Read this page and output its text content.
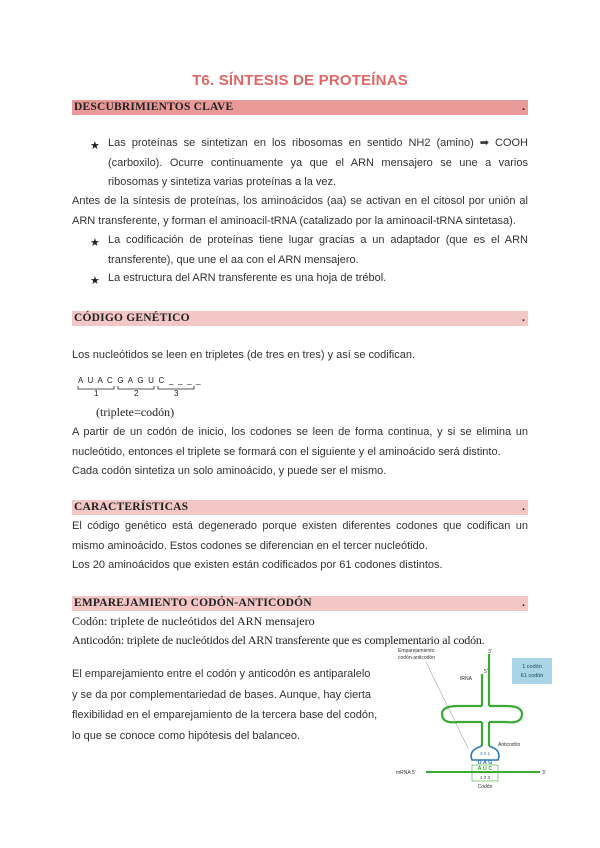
T6. SÍNTESIS DE PROTEÍNAS
DESCUBRIMIENTOS CLAVE	.
★ Las proteínas se sintetizan en los ribosomas en sentido NH2 (amino) ➡ COOH
(carboxilo). Ocurre continuamente ya que el ARN mensajero se une a varios
ribosomas y sintetiza varias proteínas a la vez.
Antes de la síntesis de proteínas, los aminoácidos (aa) se activan en el citosol por unión al
ARN transferente, y forman el aminoacil-tRNA (catalizado por la aminoacil-tRNA sintetasa).
★ La codificación de proteínas tiene lugar gracias a un adaptador (que es el ARN
transferente), que une el aa con el ARN mensajero.
★ La estructura del ARN transferente es una hoja de trébol.
CÓDIGO GENÉTICO	.
Los nucleótidos se leen en tripletes (de tres en tres) y así se codifican.
A U A C G A G U C _ _ _ _
1	2	3
(triplete=codón)
A partir de un codón de inicio, los codones se leen de forma continua, y si se elimina un
nucleótido, entonces el triplete se formará con el siguiente y el aminoácido será distinto.
Cada codón sintetiza un solo aminoácido, y puede ser el mismo.
CARACTERÍSTICAS	.
El código genético está degenerado porque existen diferentes codones que codifican un
mismo aminoácido. Estos codones se diferencian en el tercer nucleótido.
Los 20 aminoácidos que existen están codificados por 61 codones distintos.
EMPAREJAMIENTO CODÓN-ANTICODÓN	.
Codón: triplete de nucleótidos del ARN mensajero
Anticodón: triplete de nucleótidos del ARN transferente que es complementario al codón.
El emparejamiento entre el codón y anticodón es antiparalelo
y se da por complementariedad de bases. Aunque, hay cierta
flexibilidad en el emparejamiento de la tercera base del codón,
lo que se conoce como hipótesis del balanceo.
1 codón
61 codón
Emparejamiento
codón-anticodón
tRNA
3'
5'
Anticodón
3 2 1
U A G
A U C
mRNA 5'	3'
1 2 3
Codón
